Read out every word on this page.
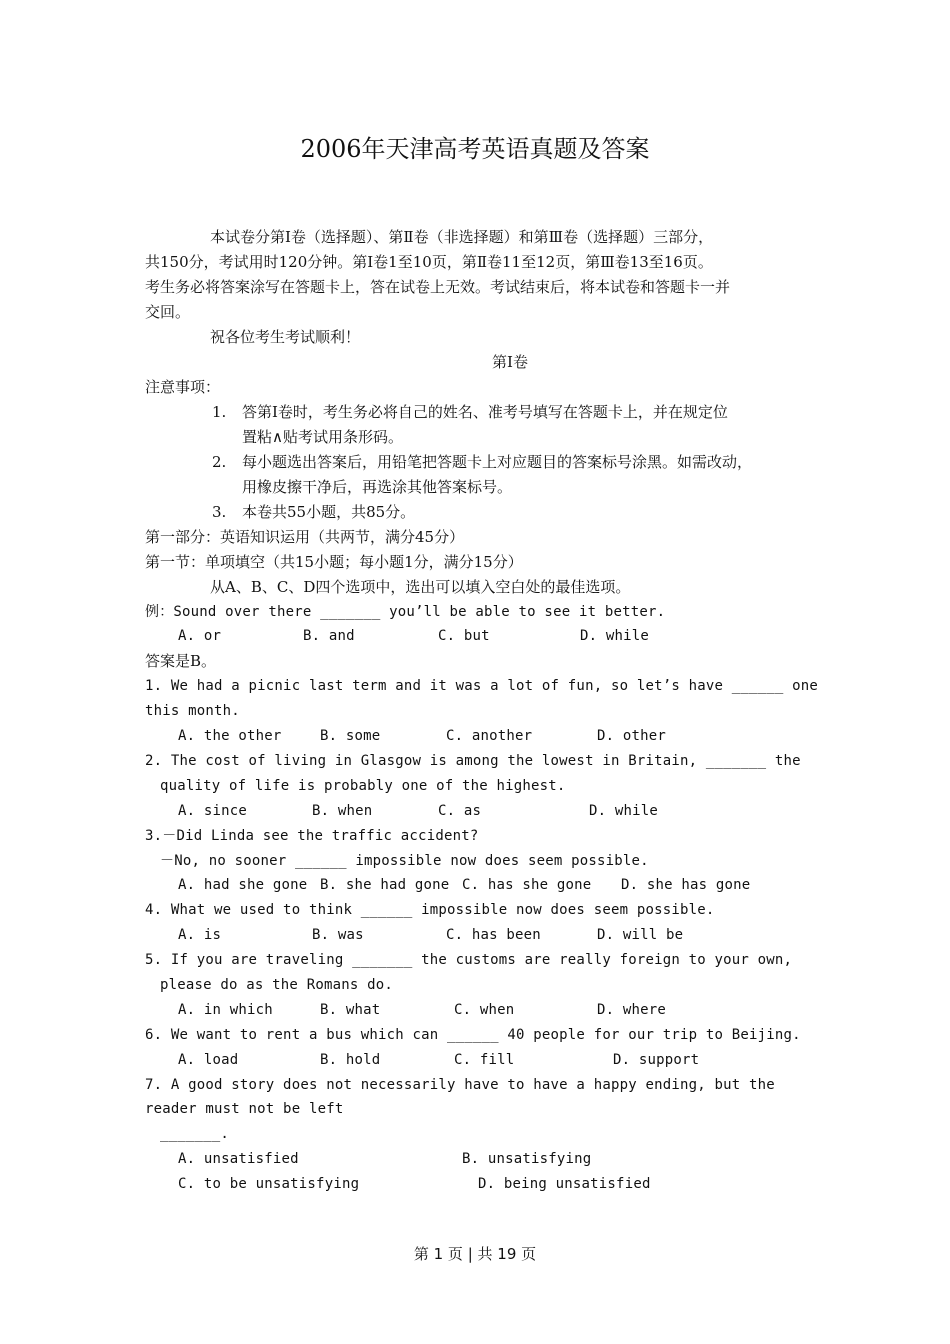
2006年天津高考英语真题及答案
本试卷分第Ⅰ卷（选择题）、第Ⅱ卷（非选择题）和第Ⅲ卷（选择题）三部分，
共150分，考试用时120分钟。第Ⅰ卷1至10页，第Ⅱ卷11至12页，第Ⅲ卷13至16页。
考生务必将答案涂写在答题卡上，答在试卷上无效。考试结束后，将本试卷和答题卡一并
交回。
祝各位考生考试顺利！
第Ⅰ卷
注意事项：
1. 答第Ⅰ卷时，考生务必将自己的姓名、准考号填写在答题卡上，并在规定位
置粘∧贴考试用条形码。
2. 每小题选出答案后，用铅笔把答题卡上对应题目的答案标号涂黑。如需改动，
用橡皮擦干净后，再选涂其他答案标号。
3. 本卷共55小题，共85分。
第一部分：英语知识运用（共两节，满分45分）
第一节：单项填空（共15小题；每小题1分，满分15分）
从A、B、C、D四个选项中，选出可以填入空白处的最佳选项。
例：Sound over there _______ you’ll be able to see it better.
A. or	B. and	C. but	D. while
答案是B。
1. We had a picnic last term and it was a lot of fun, so let’s have ______ one
this month.
A. the other	B. some	C. another	D. other
2. The cost of living in Glasgow is among the lowest in Britain, _______ the
quality of life is probably one of the highest.
A. since	B. when	C. as	D. while
3.－Did Linda see the traffic accident?
－No, no sooner ______ impossible now does seem possible.
A. had she gone B. she had gone C. has she gone D. she has gone
4. What we used to think ______ impossible now does seem possible.
A. is	B. was	C. has been	D. will be
5. If you are traveling _______ the customs are really foreign to your own,
please do as the Romans do.
A. in which	B. what	C. when	D. where
6. We want to rent a bus which can ______ 40 people for our trip to Beijing.
A. load	B. hold	C. fill	D. support
7. A good story does not necessarily have to have a happy ending, but the
reader must not be left
_______.
A. unsatisfied	B. unsatisfying
C. to be unsatisfying	D. being unsatisfied
第 1 页 | 共 19 页
